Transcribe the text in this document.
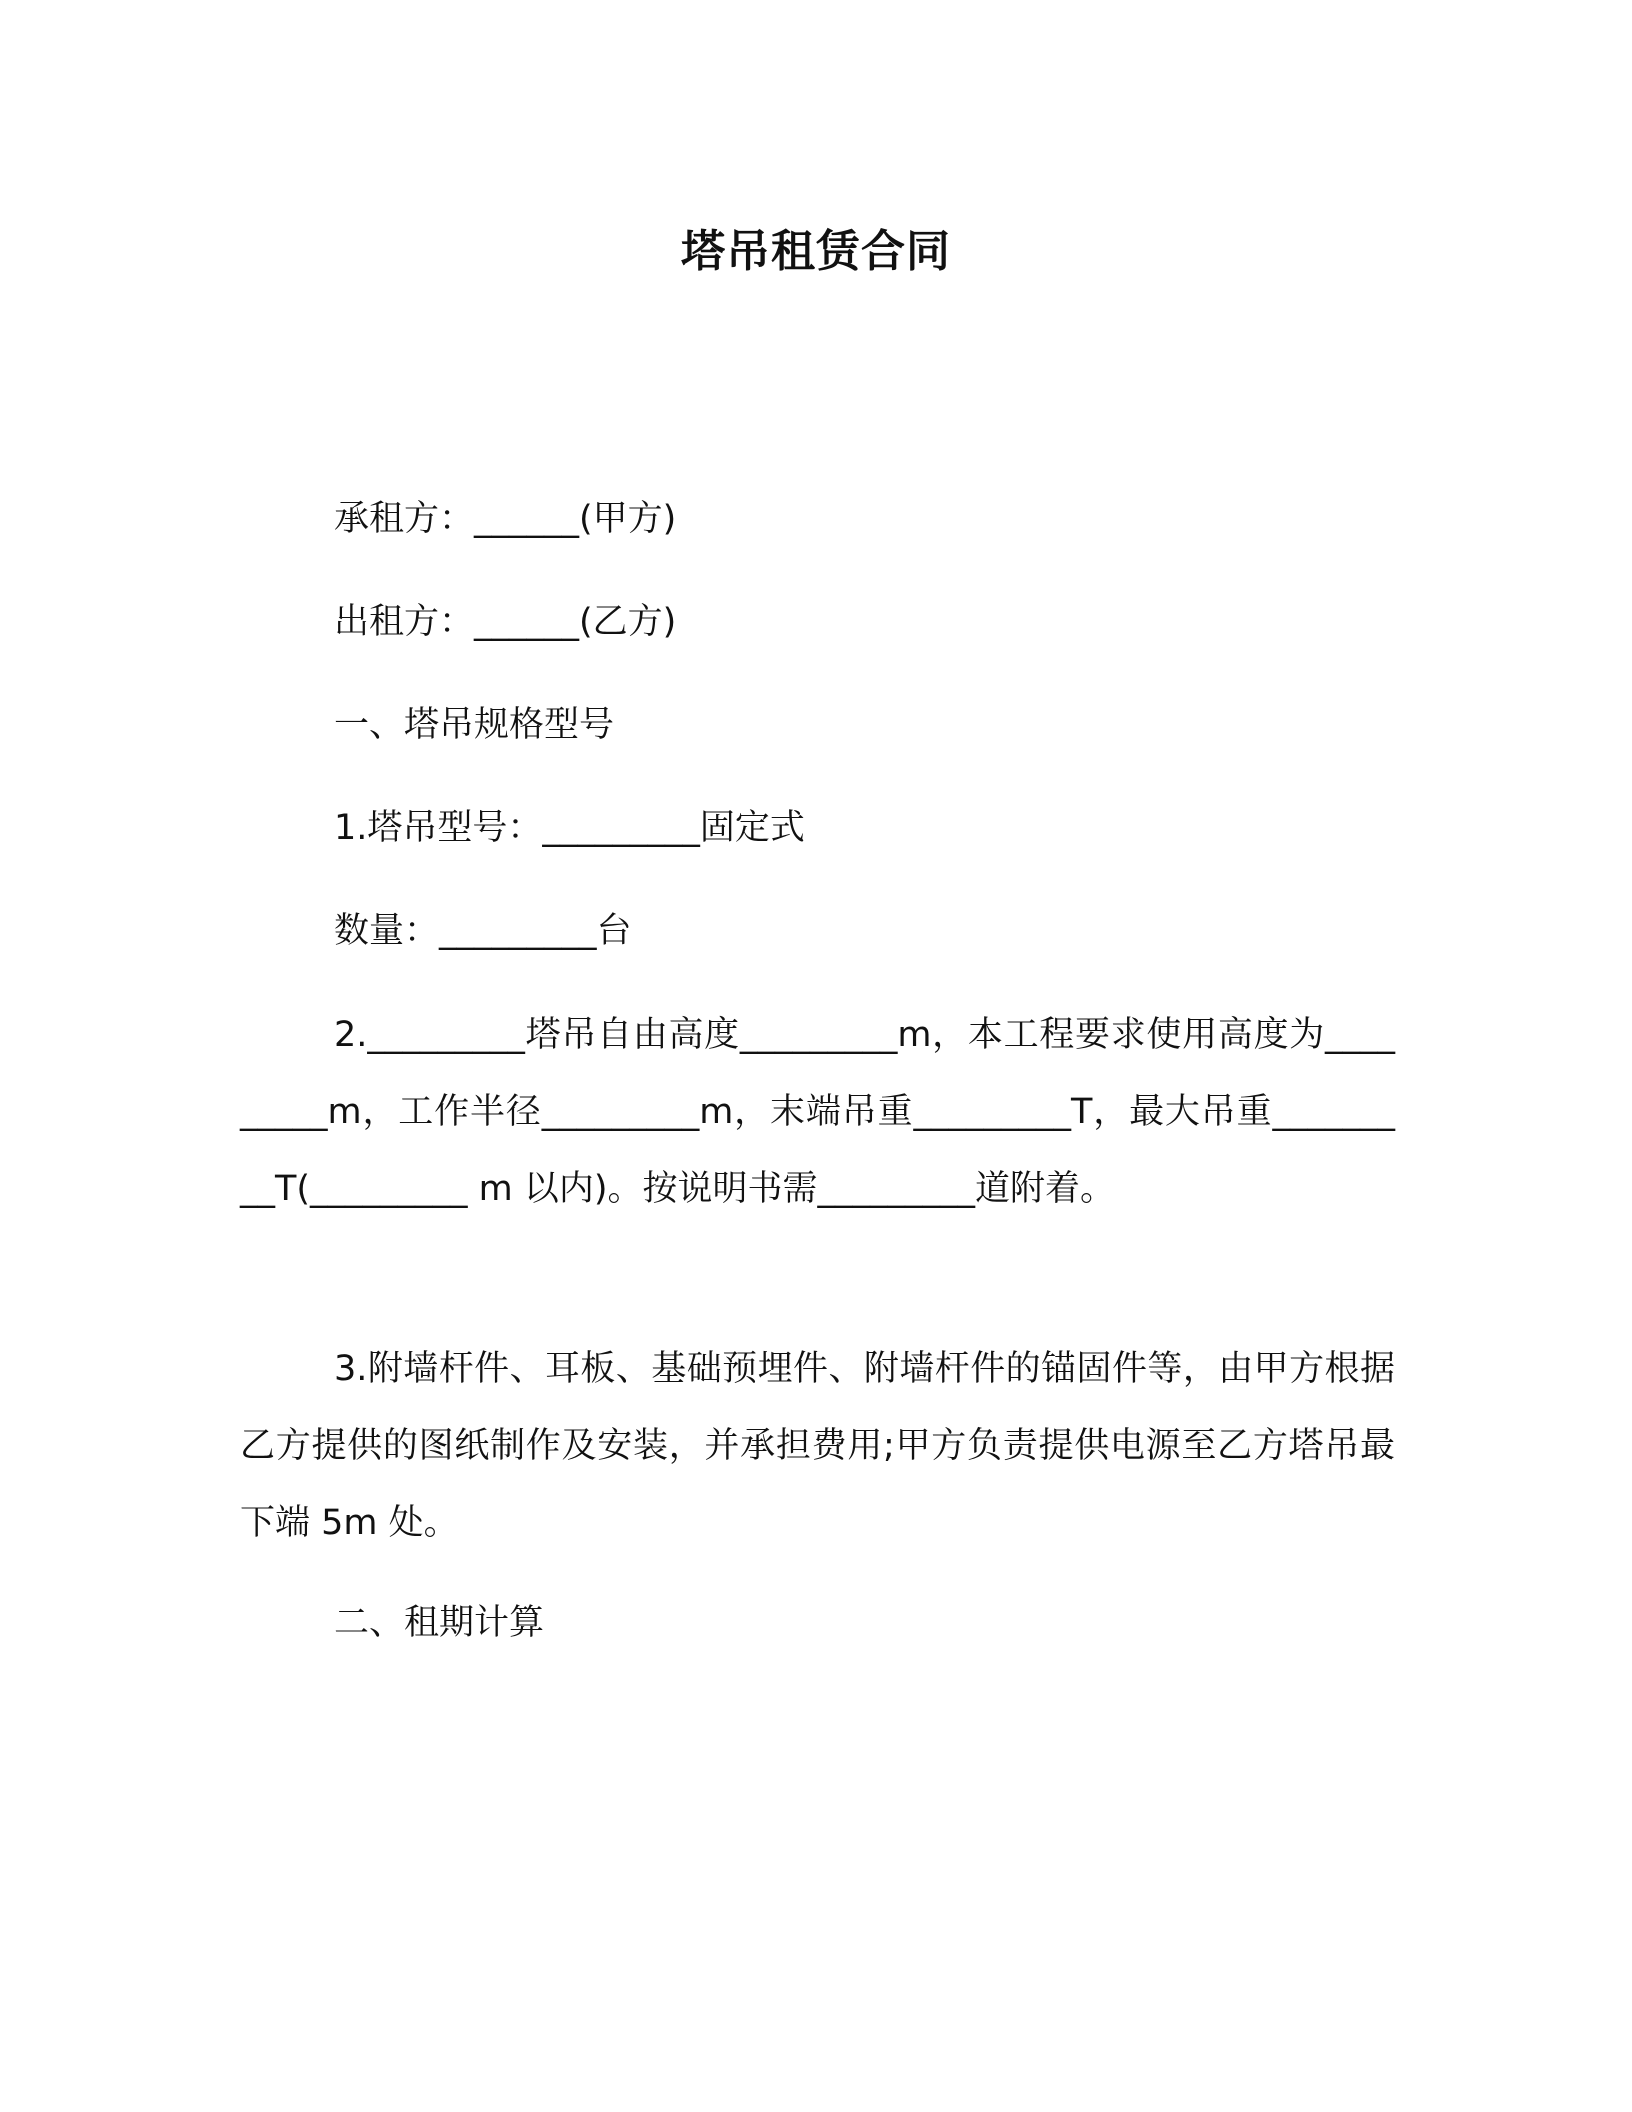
塔吊租赁合同
承租方：______(甲方)
出租方：______(乙方)
一、塔吊规格型号
1.塔吊型号：_________固定式
数量：_________台
2._________塔吊自由高度_________m，本工程要求使用高度为_________m，工作半径_________m，末端吊重_________T，最大吊重_________T(_________ m 以内)。按说明书需_________道附着。
3.附墙杆件、耳板、基础预埋件、附墙杆件的锚固件等，由甲方根据乙方提供的图纸制作及安装，并承担费用;甲方负责提供电源至乙方塔吊最下端 5m 处。
二、租期计算
